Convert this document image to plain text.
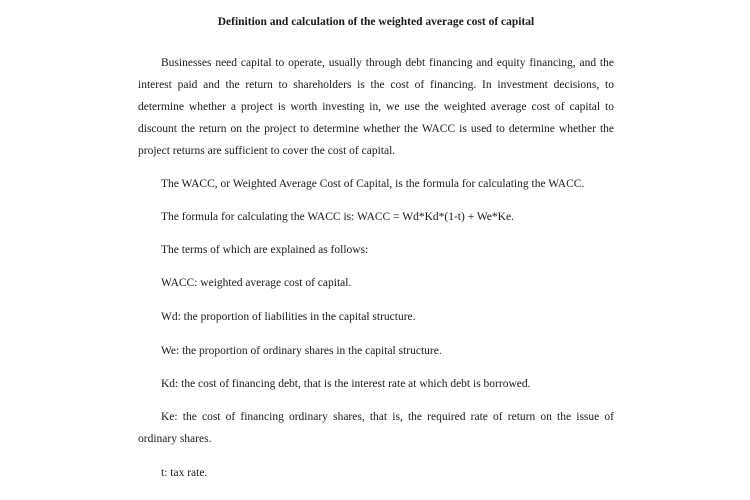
Definition and calculation of the weighted average cost of capital

Businesses need capital to operate, usually through debt financing and equity financing, and the interest paid and the return to shareholders is the cost of financing. In investment decisions, to determine whether a project is worth investing in, we use the weighted average cost of capital to discount the return on the project to determine whether the WACC is used to determine whether the project returns are sufficient to cover the cost of capital.

The WACC, or Weighted Average Cost of Capital, is the formula for calculating the WACC.

The formula for calculating the WACC is: WACC = Wd*Kd*(1-t) + We*Ke.

The terms of which are explained as follows:

WACC: weighted average cost of capital.

Wd: the proportion of liabilities in the capital structure.

We: the proportion of ordinary shares in the capital structure.

Kd: the cost of financing debt, that is the interest rate at which debt is borrowed.

Ke: the cost of financing ordinary shares, that is, the required rate of return on the issue of ordinary shares.

t: tax rate.
